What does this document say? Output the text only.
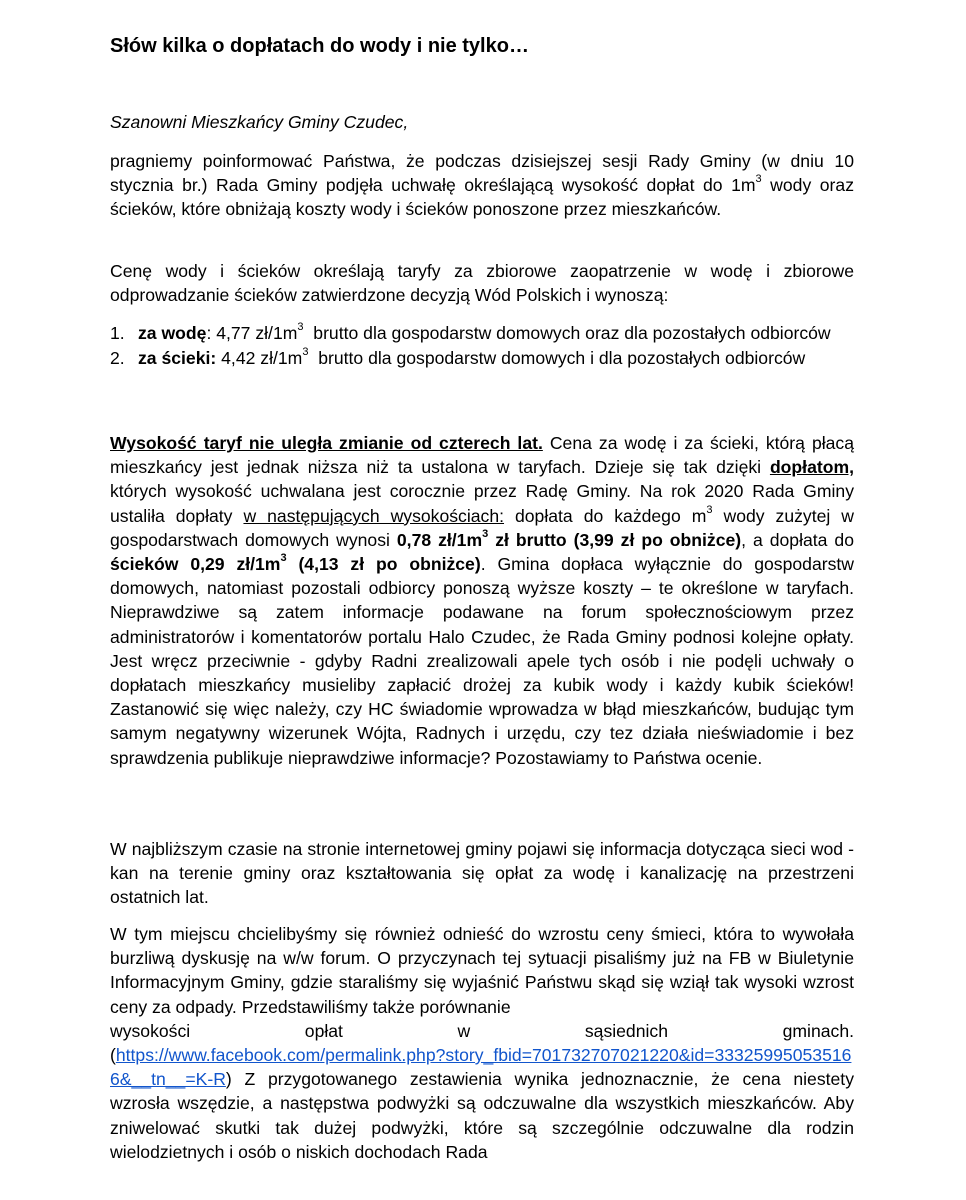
Słów kilka o dopłatach do wody i nie tylko…

Szanowni Mieszkańcy Gminy Czudec,

pragniemy poinformować Państwa, że podczas dzisiejszej sesji Rady Gminy (w dniu 10 stycznia br.) Rada Gminy podjęła uchwałę określającą wysokość dopłat do $1m^3$ wody oraz ścieków, które obniżają koszty wody i ścieków ponoszone przez mieszkańców.

Cenę wody i ścieków określają taryfy za zbiorowe zaopatrzenie w wodę i zbiorowe odprowadzanie ścieków zatwierdzone decyzją Wód Polskich i wynoszą:

1. za wodę: 4,77 $zł/1m^3$  brutto dla gospodarstw domowych oraz dla pozostałych odbiorców
2. za ścieki: 4,42 $zł/1m^3$  brutto dla gospodarstw domowych i dla pozostałych odbiorców

Wysokość taryf nie uległa zmianie od czterech lat. Cena za wodę i za ścieki, którą płacą mieszkańcy jest jednak niższa niż ta ustalona w taryfach. Dzieje się tak dzięki dopłatom, których wysokość uchwalana jest corocznie przez Radę Gminy. Na rok 2020 Rada Gminy ustaliła dopłaty w następujących wysokościach: dopłata do każdego $m^3$ wody zużytej w gospodarstwach domowych wynosi 0,78 $zł/1m^3$ zł brutto (3,99 zł po obniżce), a dopłata do ścieków 0,29 $zł/1m^3$ (4,13 zł po obniżce). Gmina dopłaca wyłącznie do gospodarstw domowych, natomiast pozostali odbiorcy ponoszą wyższe koszty – te określone w taryfach. Nieprawdziwe są zatem informacje podawane na forum społecznościowym przez administratorów i komentatorów portalu Halo Czudec, że Rada Gminy podnosi kolejne opłaty. Jest wręcz przeciwnie - gdyby Radni zrealizowali apele tych osób i nie podęli uchwały o dopłatach mieszkańcy musieliby zapłacić drożej za kubik wody i każdy kubik ścieków! Zastanowić się więc należy, czy HC świadomie wprowadza w błąd mieszkańców, budując tym samym negatywny wizerunek Wójta, Radnych i urzędu, czy tez działa nieświadomie i bez sprawdzenia publikuje nieprawdziwe informacje? Pozostawiamy to Państwa ocenie.

W najbliższym czasie na stronie internetowej gminy pojawi się informacja dotycząca sieci wod - kan na terenie gminy oraz kształtowania się opłat za wodę i kanalizację na przestrzeni ostatnich lat.

W tym miejscu chcielibyśmy się również odnieść do wzrostu ceny śmieci, która to wywołała burzliwą dyskusję na w/w forum. O przyczynach tej sytuacji pisaliśmy już na FB w Biuletynie Informacyjnym Gminy, gdzie staraliśmy się wyjaśnić Państwu skąd się wziął tak wysoki wzrost ceny za odpady. Przedstawiliśmy także porównanie

wysokości opłat w sąsiednich gminach.

(https://www.facebook.com/permalink.php?story_fbid=701732707021220&id=333259950535166&__tn__=K-R) Z przygotowanego zestawienia wynika jednoznacznie, że cena niestety wzrosła wszędzie, a następstwa podwyżki są odczuwalne dla wszystkich mieszkańców. Aby zniwelować skutki tak dużej podwyżki, które są szczególnie odczuwalne dla rodzin wielodzietnych i osób o niskich dochodach Rada
